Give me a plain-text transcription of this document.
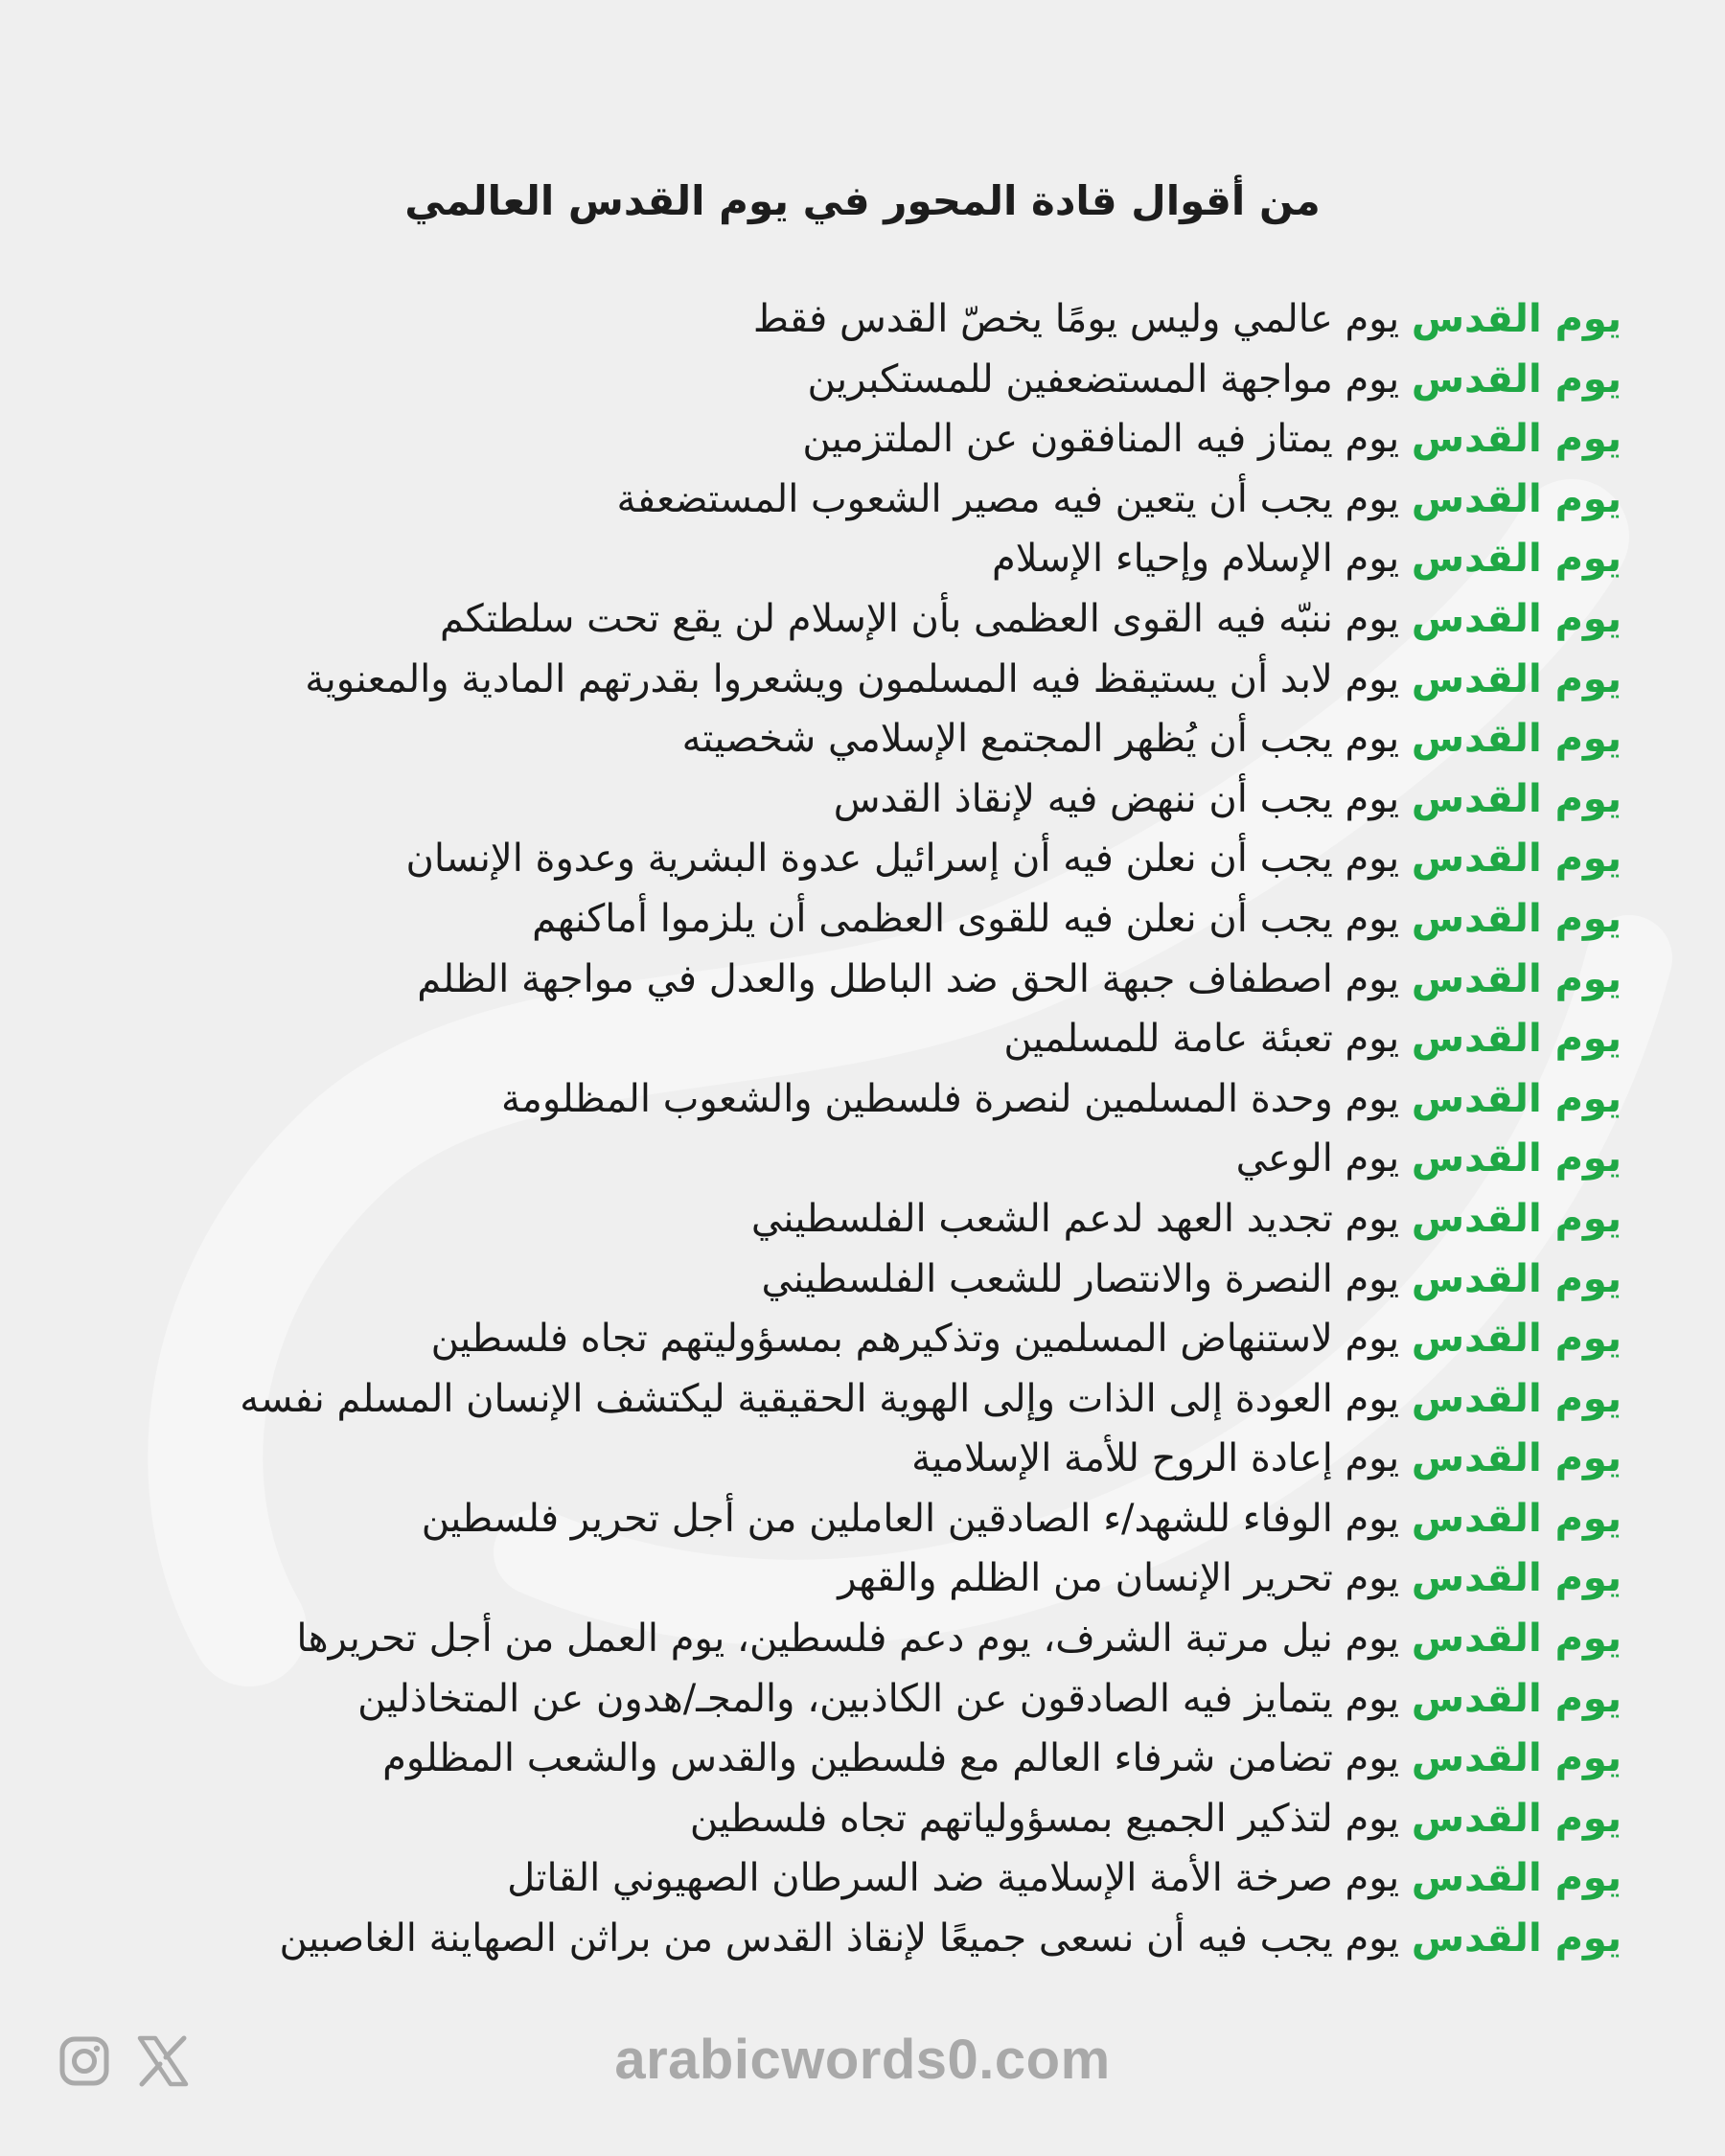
من أقوال قادة المحور في يوم القدس العالمي
يوم القدس يوم عالمي وليس يومًا يخصّ القدس فقط
يوم القدس يوم مواجهة المستضعفين للمستكبرين
يوم القدس يوم يمتاز فيه المنافقون عن الملتزمين
يوم القدس يوم يجب أن يتعين فيه مصير الشعوب المستضعفة
يوم القدس يوم الإسلام وإحياء الإسلام
يوم القدس يوم ننبّه فيه القوى العظمى بأن الإسلام لن يقع تحت سلطتكم
يوم القدس يوم لابد أن يستيقظ فيه المسلمون ويشعروا بقدرتهم المادية والمعنوية
يوم القدس يوم يجب أن يُظهر المجتمع الإسلامي شخصيته
يوم القدس يوم يجب أن ننهض فيه لإنقاذ القدس
يوم القدس يوم يجب أن نعلن فيه أن إسرائيل عدوة البشرية وعدوة الإنسان
يوم القدس يوم يجب أن نعلن فيه للقوى العظمى أن يلزموا أماكنهم
يوم القدس يوم اصطفاف جبهة الحق ضد الباطل والعدل في مواجهة الظلم
يوم القدس يوم تعبئة عامة للمسلمين
يوم القدس يوم وحدة المسلمين لنصرة فلسطين والشعوب المظلومة
يوم القدس يوم الوعي
يوم القدس يوم تجديد العهد لدعم الشعب الفلسطيني
يوم القدس يوم النصرة والانتصار للشعب الفلسطيني
يوم القدس يوم لاستنهاض المسلمين وتذكيرهم بمسؤوليتهم تجاه فلسطين
يوم القدس يوم العودة إلى الذات وإلى الهوية الحقيقية ليكتشف الإنسان المسلم نفسه
يوم القدس يوم إعادة الروح للأمة الإسلامية
يوم القدس يوم الوفاء للشهد/ء الصادقين العاملين من أجل تحرير فلسطين
يوم القدس يوم تحرير الإنسان من الظلم والقهر
يوم القدس يوم نيل مرتبة الشرف، يوم دعم فلسطين، يوم العمل من أجل تحريرها
يوم القدس يوم يتمايز فيه الصادقون عن الكاذبين، والمجـ/هدون عن المتخاذلين
يوم القدس يوم تضامن شرفاء العالم مع فلسطين والقدس والشعب المظلوم
يوم القدس يوم لتذكير الجميع بمسؤولياتهم تجاه فلسطين
يوم القدس يوم صرخة الأمة الإسلامية ضد السرطان الصهيوني القاتل
يوم القدس يوم يجب فيه أن نسعى جميعًا لإنقاذ القدس من براثن الصهاينة الغاصبين
arabicwords0.com
